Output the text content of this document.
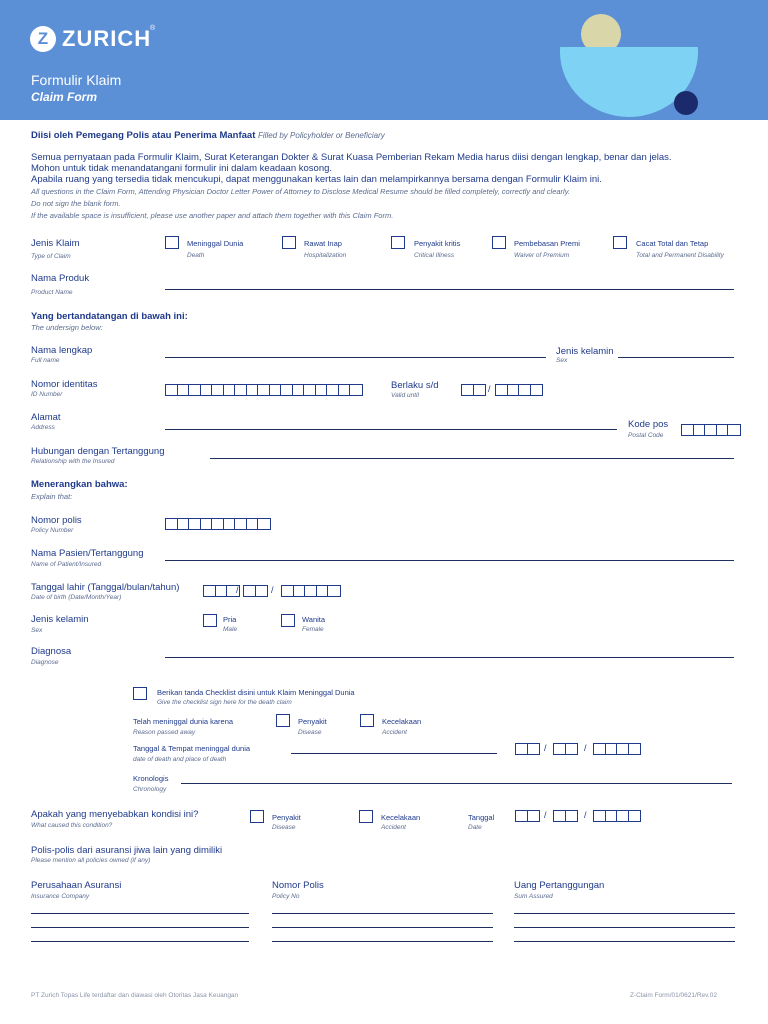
Z ZURICH
®
Formulir Klaim
Claim Form
Diisi oleh Pemegang Polis atau Penerima Manfaat Filled by Policyholder or Beneficiary
Semua pernyataan pada Formulir Klaim, Surat Keterangan Dokter & Surat Kuasa Pemberian Rekam Media harus diisi dengan lengkap, benar dan jelas.
Mohon untuk tidak menandatangani formulir ini dalam keadaan kosong.
Apabila ruang yang tersedia tidak mencukupi, dapat menggunakan kertas lain dan melampirkannya bersama dengan Formulir Klaim ini.
All questions in the Claim Form, Attending Physician Doctor Letter Power of Attorney to Disclose Medical Resume should be filled completely, correctly and clearly.
Do not sign the blank form.
If the available space is insufficient, please use another paper and attach them together with this Claim Form.
Jenis Klaim
Type of Claim
Meninggal Dunia
Death
Rawat Inap
Hospitalization
Penyakit kritis
Critical Illness
Pembebasan Premi
Waiver of Premium
Cacat Total dan Tetap
Total and Permanent Disability
Nama Produk
Product Name
Yang bertandatangan di bawah ini:
The undersign below:
Nama lengkap
Full name
Jenis kelamin
Sex
Nomor identitas
ID Number
Berlaku s/d
Valid until
/
Alamat
Address	Kode pos
Postal Code
Hubungan dengan Tertanggung
Relationship with the Insured
Menerangkan bahwa:
Explain that:
Nomor polis
Policy Number
Nama Pasien/Tertanggung
Name of Patient/Insured
Tanggal lahir (Tanggal/bulan/tahun)
Date of birth (Date/Month/Year)
/	/
Jenis kelamin
Sex
Pria
Male
Wanita
Female
Diagnosa
Diagnose
Berikan tanda Checklist disini untuk Klaim Meninggal Dunia
Give the checklist sign here for the death claim
Telah meninggal dunia karena
Reason passed away
Penyakit
Disease
Kecelakaan
Accident
Tanggal & Tempat meninggal dunia
date of death and place of death
/	/
Kronologis
Chronology
Apakah yang menyebabkan kondisi ini?
What caused this condition?
Penyakit
Disease
Kecelakaan
Accident
Tanggal
Date
/	/
Polis-polis dari asuransi jiwa lain yang dimiliki
Please mention all policies owned (if any)
Perusahaan Asuransi
Insurance Company
Nomor Polis
Policy No
Uang Pertanggungan
Sum Assured
PT Zurich Topas Life terdaftar dan diawasi oleh Otoritas Jasa Keuangan	Z-Claim Form/01/0621/Rev.02
